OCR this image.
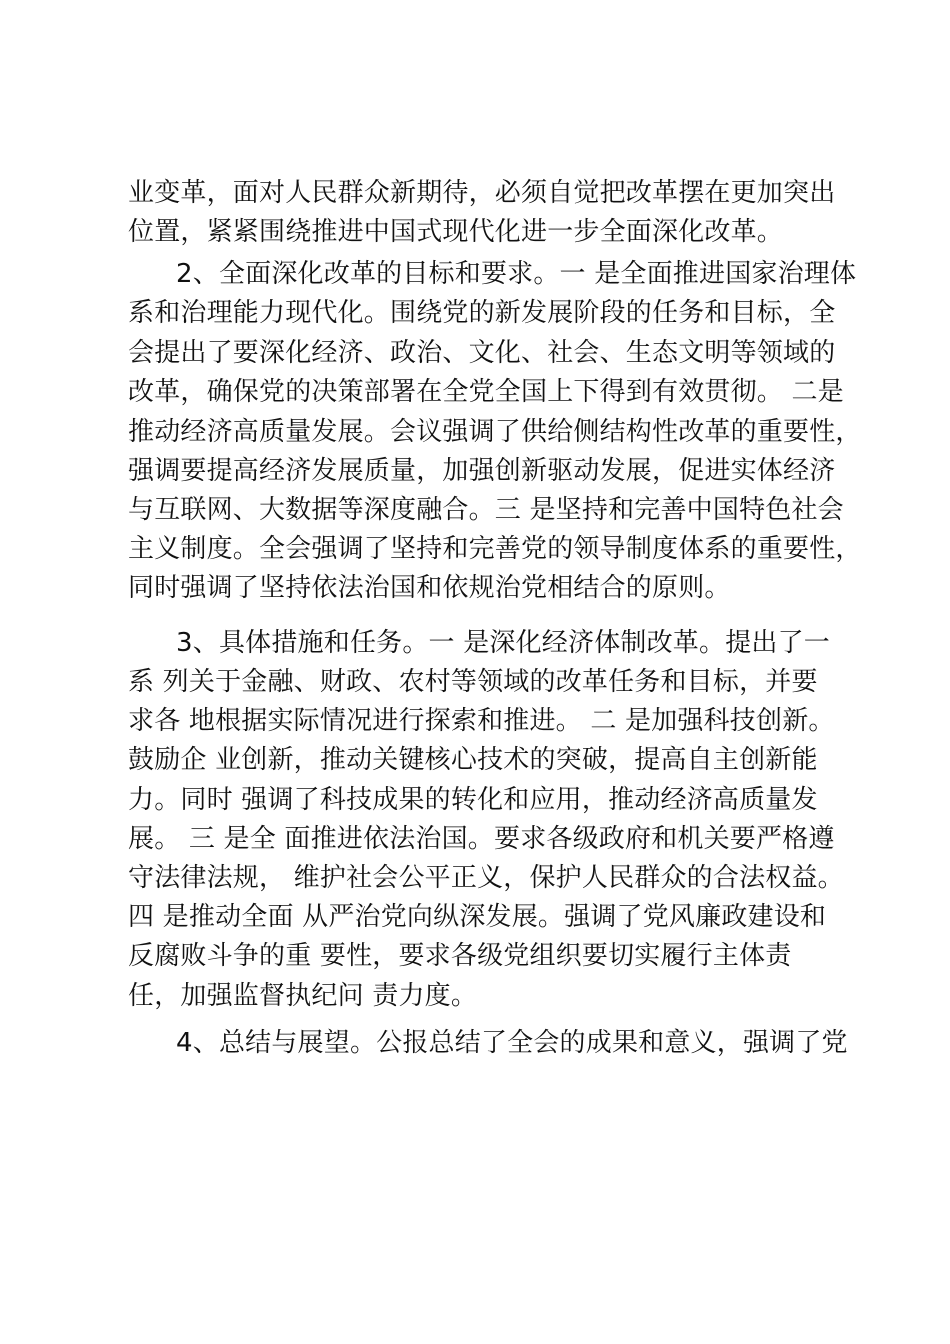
业变革，面对人民群众新期待，必须自觉把改革摆在更加突出
位置，紧紧围绕推进中国式现代化进一步全面深化改革。
2、全面深化改革的目标和要求。一 是全面推进国家治理体
系和治理能力现代化。围绕党的新发展阶段的任务和目标，全
会提出了要深化经济、政治、文化、社会、生态文明等领域的
改革，确保党的决策部署在全党全国上下得到有效贯彻。 二是
推动经济高质量发展。会议强调了供给侧结构性改革的重要性，
强调要提高经济发展质量，加强创新驱动发展，促进实体经济
与互联网、大数据等深度融合。三 是坚持和完善中国特色社会
主义制度。全会强调了坚持和完善党的领导制度体系的重要性，
同时强调了坚持依法治国和依规治党相结合的原则。
3、具体措施和任务。一 是深化经济体制改革。提出了一
系 列关于金融、财政、农村等领域的改革任务和目标，并要
求各 地根据实际情况进行探索和推进。 二 是加强科技创新。
鼓励企 业创新，推动关键核心技术的突破，提高自主创新能
力。同时 强调了科技成果的转化和应用，推动经济高质量发
展。 三 是全 面推进依法治国。要求各级政府和机关要严格遵
守法律法规， 维护社会公平正义，保护人民群众的合法权益。
四 是推动全面 从严治党向纵深发展。强调了党风廉政建设和
反腐败斗争的重 要性，要求各级党组织要切实履行主体责
任，加强监督执纪问 责力度。
4、总结与展望。公报总结了全会的成果和意义，强调了党
